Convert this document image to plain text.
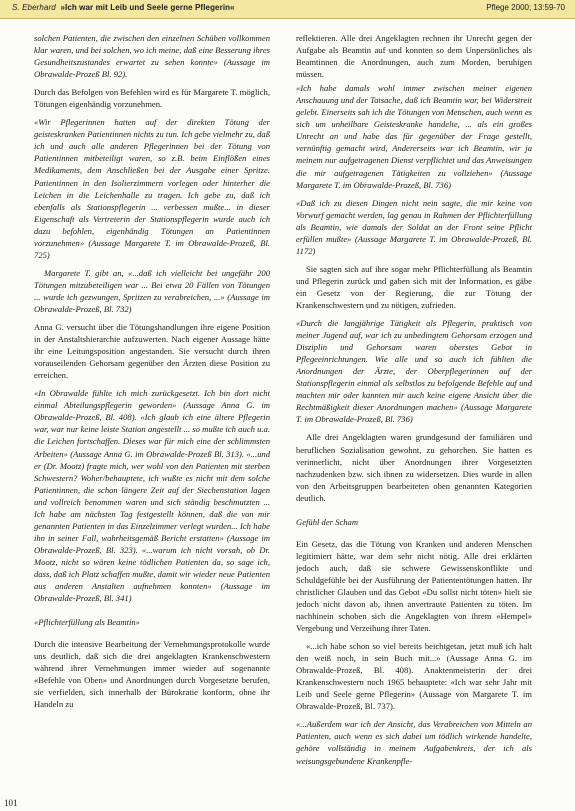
S. Eberhard »Ich war mit Leib und Seele gerne Pflegerin«	Pflege 2000; 13:59-70

solchen Patienten, die zwischen den einzelnen Schüben vollkommen klar waren, und bei solchen, wo ich meine, daß eine Besserung ihres Gesundheitszustandes erwartet zu sehen konnte» (Aussage im Obrawalde-Prozeß Bl. 92).

Durch das Befolgen von Befehlen wird es für Margarete T. möglich, Tötungen eigenhändig vorzunehmen.

«Wir Pflegerinnen hatten auf der direkten Tötung der geisteskranken Patientinnen nichts zu tun. Ich gebe vielmehr zu, daß ich und auch alle anderen Pflegerinnen bei der Tötung von Patientinnen mitbeteiligt waren, so z.B. beim Einflößen eines Medikaments, dem Anschließen bei der Ausgabe einer Spritze. Patientinnen in den Isolierzimmern vorlegen oder hinterher die Leichen in die Leichenhalle zu tragen. Ich gebe zu, daß ich ebenfalls als Stationspflegerin ... verbessen mußte... in dieser Eigenschaft als Vertreterin der Stationspflegerin wurde auch ich dazu befohlen, eigenhändig Tötungen an Patientinnen vorzunehmen» (Aussage Margarete T. im Obrawalde-Prozeß, Bl. 725)

Margarete T. gibt an, «...daß ich vielleicht bei ungefähr 200 Tötungen mitzubeteiligen war ... Bei etwa 20 Fällen von Tötungen ... wurde ich gezwungen, Spritzen zu verabreichen, ...» (Aussage im Obrawalde-Prozeß, Bl. 732)

Anna G. versucht über die Tötungshandlungen ihre eigene Position in der Anstaltshierarchie aufzuwerten. Nach eigener Aussage hätte ihr eine Leitungsposition angestanden. Sie versucht durch ihren vorauseilenden Gehorsam gegenüber den Ärzten diese Position zu erreichen.

«In Obrawalde fühlte ich mich zurückgesetzt. Ich bin dort nicht einmal Abteilungspflegerin geworden» (Aussage Anna G. im Obrawalde-Prozeß, Bl. 408). «Ich glaub ich eine ältere Pflegerin war, war nur keine leiste Station angestellt ... so mußte ich auch u.a. die Leichen fortschaffen. Dieses war für mich eine der schlimmsten Arbeiten» (Aussage Anna G. im Obrawalde-Prozeß Bl. 313). «...und er (Dr. Mootz) fragte mich, wer wohl von den Patienten mit sterben Schwestern? Woher/behauptete, ich wußte es nicht mit dem solche Patientinnen, die schon längere Zeit auf der Siechenstation lagen und vollreich benommen waren und sich ständig beschmutzten ... Ich habe am nächsten Tag festgestellt können, daß die von mir genannten Patienten in das Einzelzimmer verlegt wurden... Ich habe ihn in seiner Fall, wahrheitsgemäß Bericht erstatten» (Aussage im Obrawalde-Prozeß, Bl. 323). «...warum ich nicht vorsah, ob Dr. Mootz, nicht so wären keine tödlichen Patienten da, so sage ich, dass, daß ich Platz schaffen mußte, damit wir wieder neue Patienten aus anderen Anstalten aufnehmen konnten» (Aussage im Obrawalde-Prozeß, Bl. 341)

«Pflichterfüllung als Beamtin»

Durch die intensive Bearbeitung der Vernehmungsprotokolle wurde uns deutlich, daß sich die drei angeklagten Krankenschwestern während ihrer Vernehmungen immer wieder auf sogenannte «Befehle von Oben» und Anordnungen durch Vorgesetzte berufen, sie verfielden, sich innerhalb der Bürokratie konform, ohne ihr Handeln zu

reflektieren. Alle drei Angeklagten rechnen ihr Unrecht gegen der Aufgabe als Beamtin auf und konnten so dem Unpersönliches als Beamtinnen die Anordnungen, auch zum Morden, beruhigen müssen.

«Ich habe damals wohl immer zwischen meiner eigenen Anschauung und der Tatsache, daß ich Beamtin war, bei Widerstreit gelebt. Einerseits sah ich die Tötungen von Menschen, auch wenn es sich um unheilbare Geisteskranke handelte, ... als ein großes Unrecht an und habe das für gegenüber der Frage gestellt, vernünftig gemacht wird, Andererseits war ich Beamtin, wir ja meinem nur aufgetragenen Dienst verpflichtet und das Anweisungen die mir aufgetragenen Tätigkeiten zu vollziehen» (Aussage Margarete T. im Obrawalde-Prozeß, Bl. 736)

«Daß ich zu diesen Dingen nicht nein sagte, die mir keine von Vorwurf gemacht werden, lag genau in Rahmen der Pflichterfüllung als Beamtin, wie damals der Soldat an der Front seine Pflicht erfüllen mußte» (Aussage Margarete T. im Obrawalde-Prozeß, Bl. 1172)

Sie sagten sich auf ihre sogar mehr Pflichterfüllung als Beamtin und Pflegerin zurück und gaben sich mit der Information, es gäbe ein Gesetz von der Regierung, die zur Tötung der Krankenschwestern und zu nötigen, zufrieden.

«Durch die langjährige Tätigkeit als Pflegerin, praktisch von meiner Jugend auf, war ich zu unbedingtem Gehorsam erzogen und Disziplin und Gehorsam waren oberstes Gebot in Pflegeeinrichtungen. Wie alle und so auch ich fühlten die Anordnungen der Ärzte, der Oberpflegerinnen auf der Stationspflegerin einmal als selbstlos zu befolgende Befehle auf und machten mir oder kannten mir auch keine eigene Ansicht über die Rechtmäßigkeit dieser Anordnungen machen» (Aussage Margarete T. im Obrawalde-Prozeß, Bl. 736)

Alle drei Angeklagten waren grundgesund der familiären und beruflichen Sozialisation gewohnt, zu gehorchen. Sie hatten es verinnerlicht, nicht über Anordnungen ihrer Vorgesetzten nachzudenken bzw. sich ihnen zu widersetzen. Dies wurde in allen von den Arbeitsgruppen bearbeiteten oben genannten Kategorien deutlich.

Gefühl der Scham

Ein Gesetz, das die Tötung von Kranken und anderen Menschen legitimiert hätte, war dem sehr nicht nötig. Alle drei erklärten jedoch auch, daß sie schwere Gewissenskonflikte und Schuldgefühle bei der Ausführung der Patiententötungen hatten. Ihr christlicher Glauben und das Gebot «Du sollst nicht töten» hielt sie jedoch nicht davon ab, ihnen anvertraute Patienten zu töten. Im nachhinein schoben sich die Angeklagten von ihrem «Hempel» Vergebung und Verzeihung ihrer Taten.

«...ich habe schon so viel bereits beichtgetan, jetzt muß ich halt den weiß noch, in sein Buch mit...» (Aussage Anna G. im Obrawalde-Prozeß, Bl. 408). Anaktenmeisterin der drei Krankenschwestern noch 1965 behauptete: «Ich war sehr Jahr mit Leib und Seele gerne Pflegerin» (Aussage von Margarete T. im Obrawalde-Prozeß, Bl. 737).

«...Außerdem war ich der Ansicht, das Verabreichen von Mitteln an Patienten, auch wenn es sich dabei um tödlich wirkende handelte, gehöre vollständig in meinem Aufgabenkreis, der ich als weisungsgebundene Krankenpfle-

101
